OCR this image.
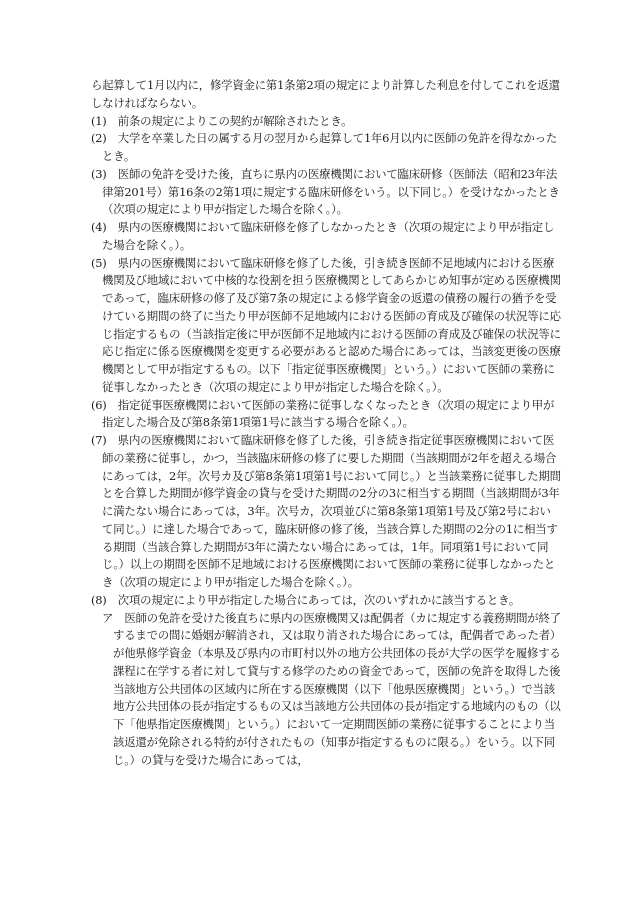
ら起算して1月以内に，修学資金に第1条第2項の規定により計算した利息を付してこれを返還しなければならない。

(1)　 前条の規定によりこの契約が解除されたとき。

(2)　 大学を卒業した日の属する月の翌月から起算して1年6月以内に医師の免許を得なかったとき。

(3)　 医師の免許を受けた後，直ちに県内の医療機関において臨床研修（医師法（昭和23年法律第201号）第16条の2第1項に規定する臨床研修をいう。以下同じ。）を受けなかったとき（次項の規定により甲が指定した場合を除く。）。

(4)　 県内の医療機関において臨床研修を修了しなかったとき（次項の規定により甲が指定した場合を除く。）。

(5)　 県内の医療機関において臨床研修を修了した後，引き続き医師不足地域内における医療機関及び地域において中核的な役割を担う医療機関としてあらかじめ知事が定める医療機関であって，臨床研修の修了及び第7条の規定による修学資金の返還の債務の履行の猶予を受けている期間の終了に当たり甲が医師不足地域内における医師の育成及び確保の状況等に応じ指定するもの（当該指定後に甲が医師不足地域内における医師の育成及び確保の状況等に応じ指定に係る医療機関を変更する必要があると認めた場合にあっては，当該変更後の医療機関として甲が指定するもの。以下「指定従事医療機関」という。）において医師の業務に従事しなかったとき（次項の規定により甲が指定した場合を除く。）。

(6)　 指定従事医療機関において医師の業務に従事しなくなったとき（次項の規定により甲が指定した場合及び第8条第1項第1号に該当する場合を除く。）。

(7)　 県内の医療機関において臨床研修を修了した後，引き続き指定従事医療機関において医師の業務に従事し，かつ，当該臨床研修の修了に要した期間（当該期間が2年を超える場合にあっては，2年。次号カ及び第8条第1項第1号において同じ。）と当該業務に従事した期間とを合算した期間が修学資金の貸与を受けた期間の2分の3に相当する期間（当該期間が3年に満たない場合にあっては，3年。次号カ，次項並びに第8条第1項第1号及び第2号において同じ。）に達した場合であって，臨床研修の修了後，当該合算した期間の2分の1に相当する期間（当該合算した期間が3年に満たない場合にあっては，1年。同項第1号において同じ。）以上の期間を医師不足地域における医療機関において医師の業務に従事しなかったとき（次項の規定により甲が指定した場合を除く。）。

(8)　 次項の規定により甲が指定した場合にあっては，次のいずれかに該当するとき。

ア　 医師の免許を受けた後直ちに県内の医療機関又は配偶者（カに規定する義務期間が終了するまでの間に婚姻が解消され，又は取り消された場合にあっては，配偶者であった者）が他県修学資金（本県及び県内の市町村以外の地方公共団体の長が大学の医学を履修する課程に在学する者に対して貸与する修学のための資金であって，医師の免許を取得した後当該地方公共団体の区域内に所在する医療機関（以下「他県医療機関」という。）で当該地方公共団体の長が指定するもの又は当該地方公共団体の長が指定する地域内のもの（以下「他県指定医療機関」という。）において一定期間医師の業務に従事することにより当該返還が免除される特約が付されたもの（知事が指定するものに限る。）をいう。以下同じ。）の貸与を受けた場合にあっては，
